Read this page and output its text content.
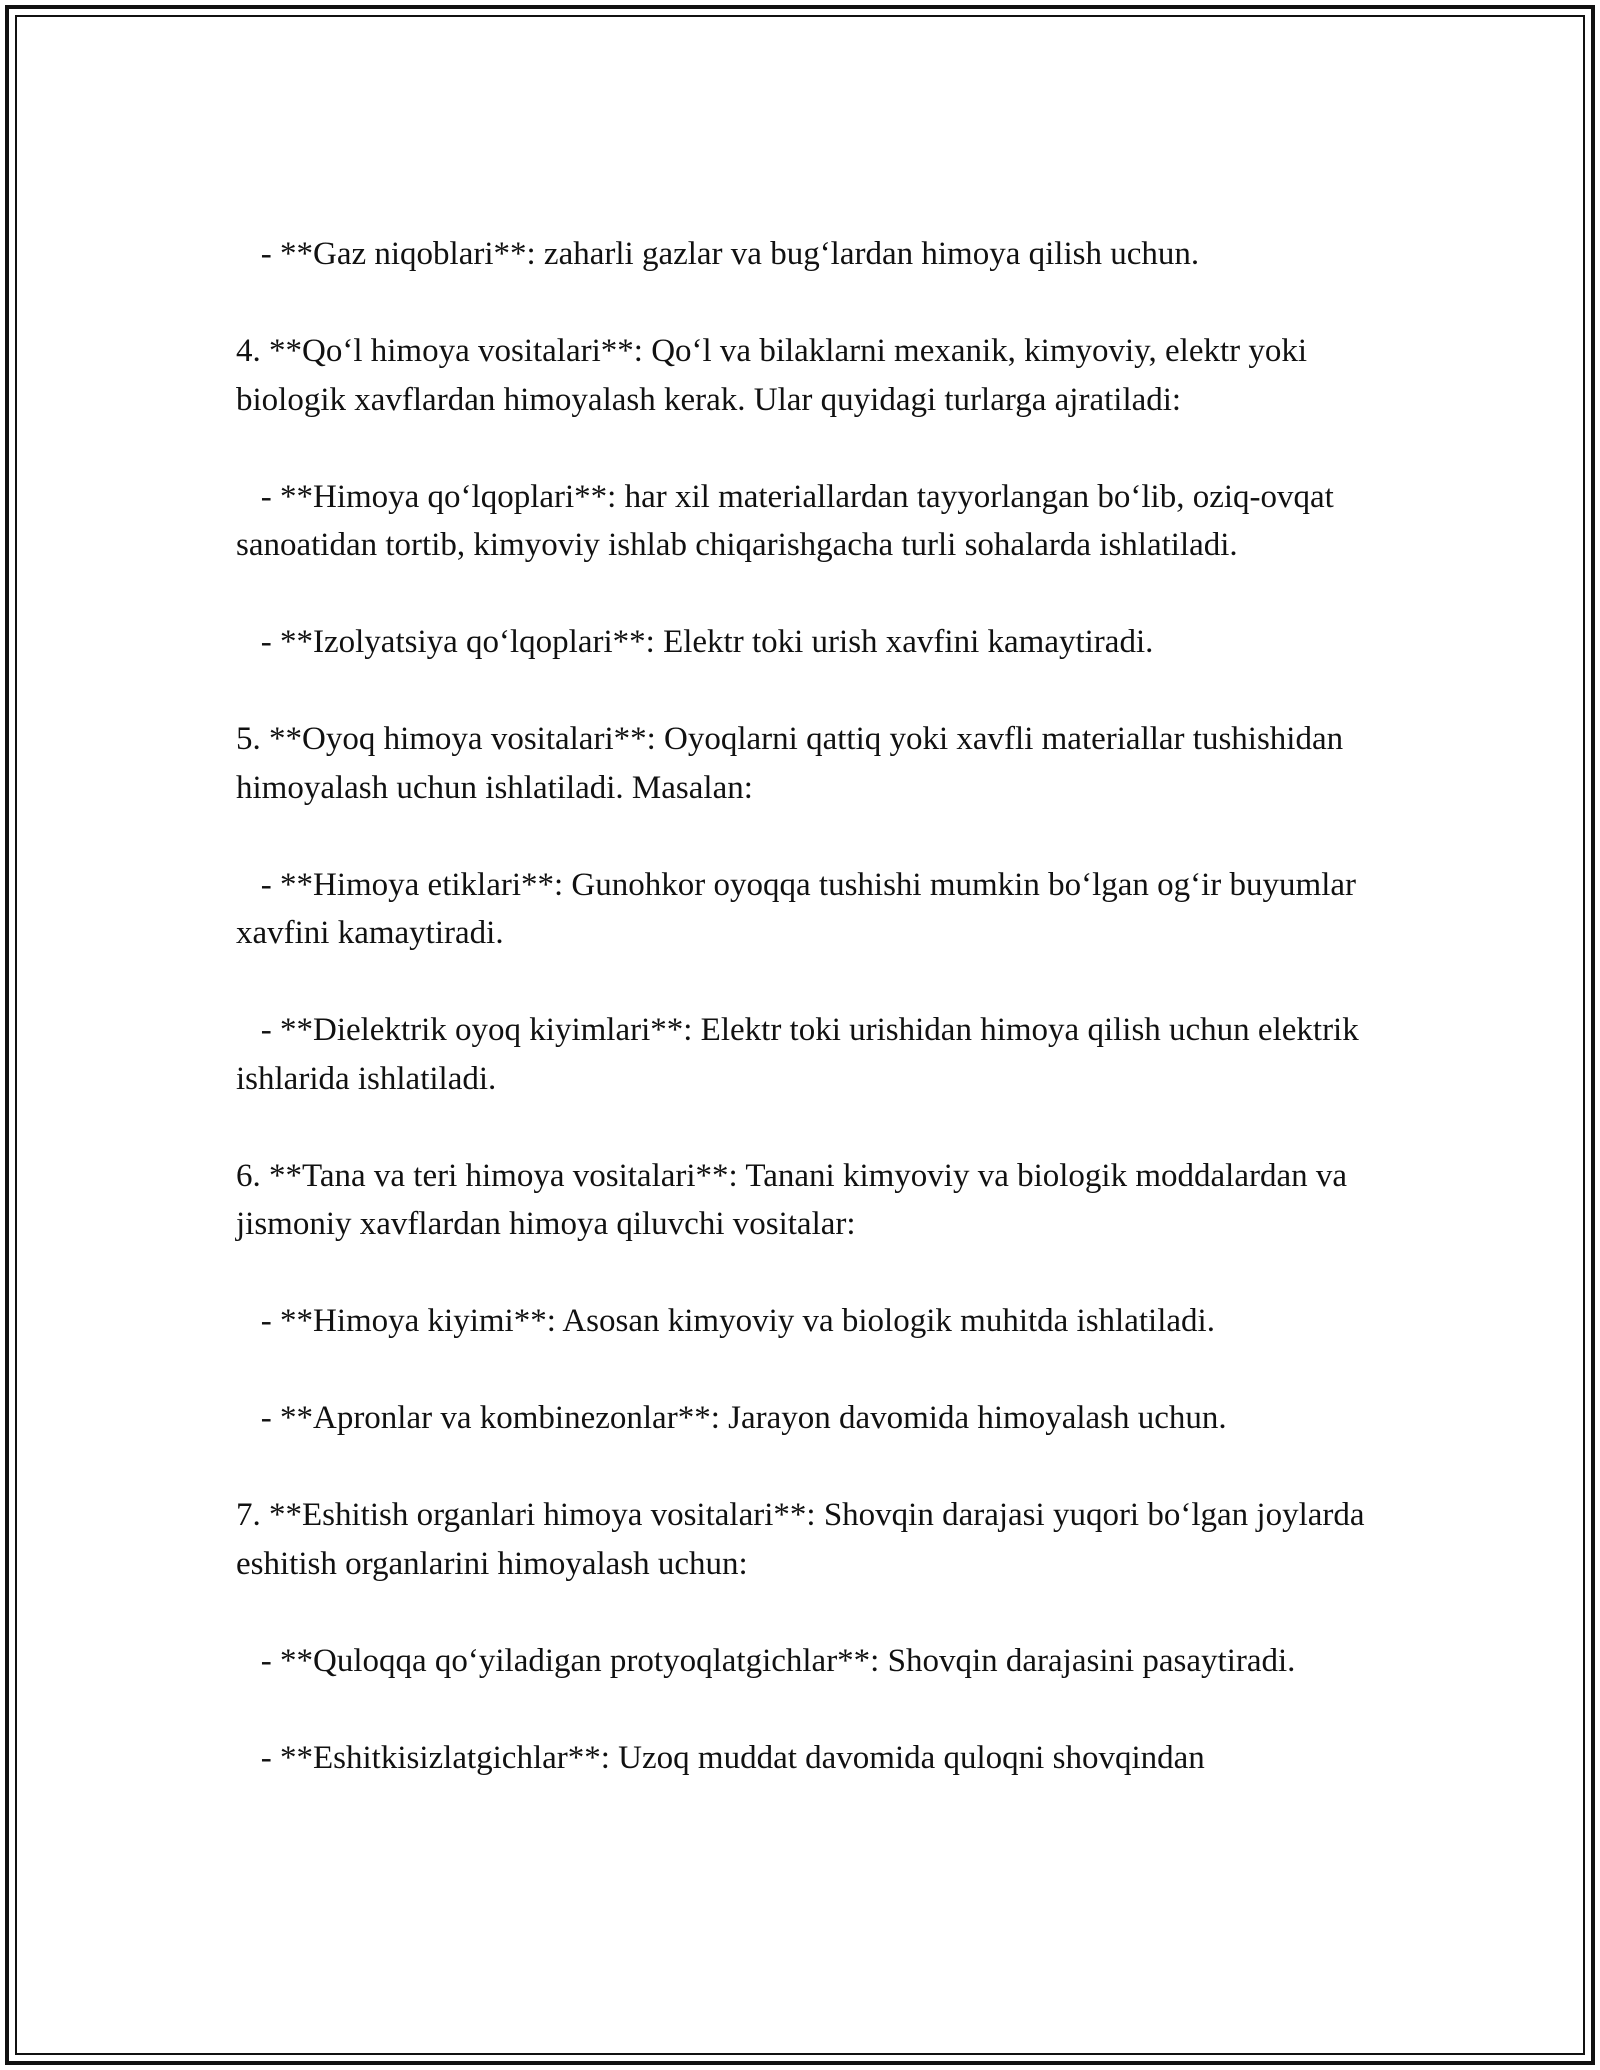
- **Gaz niqoblari**: zaharli gazlar va bug‘lardan himoya qilish uchun.

4. **Qo‘l himoya vositalari**: Qo‘l va bilaklarni mexanik, kimyoviy, elektr yoki biologik xavflardan himoyalash kerak. Ular quyidagi turlarga ajratiladi:

- **Himoya qo‘lqoplari**: har xil materiallardan tayyorlangan bo‘lib, oziq-ovqat sanoatidan tortib, kimyoviy ishlab chiqarishgacha turli sohalarda ishlatiladi.

- **Izolyatsiya qo‘lqoplari**: Elektr toki urish xavfini kamaytiradi.

5. **Oyoq himoya vositalari**: Oyoqlarni qattiq yoki xavfli materiallar tushishidan himoyalash uchun ishlatiladi. Masalan:

- **Himoya etiklari**: Gunohkor oyoqqa tushishi mumkin bo‘lgan og‘ir buyumlar xavfini kamaytiradi.

- **Dielektrik oyoq kiyimlari**: Elektr toki urishidan himoya qilish uchun elektrik ishlarida ishlatiladi.

6. **Tana va teri himoya vositalari**: Tanani kimyoviy va biologik moddalardan va jismoniy xavflardan himoya qiluvchi vositalar:

- **Himoya kiyimi**: Asosan kimyoviy va biologik muhitda ishlatiladi.

- **Apronlar va kombinezonlar**: Jarayon davomida himoyalash uchun.

7. **Eshitish organlari himoya vositalari**: Shovqin darajasi yuqori bo‘lgan joylarda eshitish organlarini himoyalash uchun:

- **Quloqqa qo‘yiladigan protyoqlatgichlar**: Shovqin darajasini pasaytiradi.

- **Eshitkisizlatgichlar**: Uzoq muddat davomida quloqni shovqindan
